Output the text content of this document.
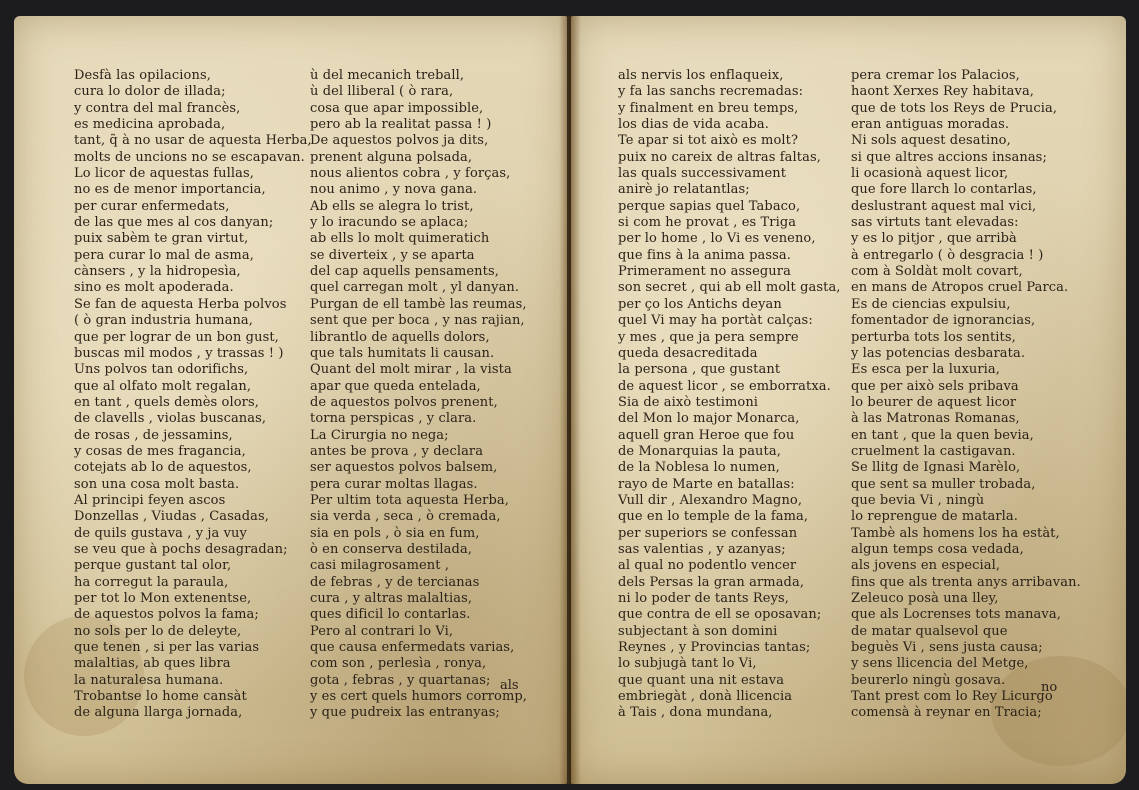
Desfà las opilacions,
cura lo dolor de illada;
y contra del mal francès,
es medicina aprobada,
tant, q̃ à no usar de aquesta Herba,
molts de uncions no se escapavan.
Lo licor de aquestas fullas,
no es de menor importancia,
per curar enfermedats,
de las que mes al cos danyan;
puix sabèm te gran virtut,
pera curar lo mal de asma,
cànsers , y la hidropesìa,
sino es molt apoderada.
Se fan de aquesta Herba polvos
( ò gran industria humana,
que per lograr de un bon gust,
buscas mil modos , y trassas ! )
Uns polvos tan odorifichs,
que al olfato molt regalan,
en tant , quels demès olors,
de clavells , violas buscanas,
de rosas , de jessamins,
y cosas de mes fragancia,
cotejats ab lo de aquestos,
son una cosa molt basta.
Al principi feyen ascos
Donzellas , Viudas , Casadas,
de quils gustava , y ja vuy
se veu que à pochs desagradan;
perque gustant tal olor,
ha corregut la paraula,
per tot lo Mon extenentse,
de aquestos polvos la fama;
no sols per lo de deleyte,
que tenen , si per las varias
malaltias, ab ques libra
la naturalesa humana.
Trobantse lo home cansàt
de alguna llarga jornada,
ù del mecanich treball,
ù del lliberal ( ò rara,
cosa que apar impossible,
pero ab la realitat passa ! )
De aquestos polvos ja dits,
prenent alguna polsada,
nous alientos cobra , y forças,
nou animo , y nova gana.
Ab ells se alegra lo trist,
y lo iracundo se aplaca;
ab ells lo molt quimeratich
se diverteix , y se aparta
del cap aquells pensaments,
quel carregan molt , yl danyan.
Purgan de ell tambè las reumas,
sent que per boca , y nas rajian,
librantlo de aquells dolors,
que tals humitats li causan.
Quant del molt mirar , la vista
apar que queda entelada,
de aquestos polvos prenent,
torna perspicas , y clara.
La Cirurgia no nega;
antes be prova , y declara
ser aquestos polvos balsem,
pera curar moltas llagas.
Per ultim tota aquesta Herba,
sia verda , seca , ò cremada,
sia en pols , ò sia en fum,
ò en conserva destilada,
casi milagrosament ,
de febras , y de tercianas
cura , y altras malaltias,
ques dificil lo contarlas.
Pero al contrari lo Vi,
que causa enfermedats varias,
com son , perlesìa , ronya,
gota , febras , y quartanas;
y es cert quels humors corromp,
y que pudreix las entranyas;
als
als nervis los enflaqueix,
y fa las sanchs recremadas:
y finalment en breu temps,
los dias de vida acaba.
Te apar si tot això es molt?
puix no careix de altras faltas,
las quals successivament
anirè jo relatantlas;
perque sapias quel Tabaco,
si com he provat , es Triga
per lo home , lo Vi es veneno,
que fins à la anima passa.
Primerament no assegura
son secret , qui ab ell molt gasta,
per ço los Antichs deyan
quel Vi may ha portàt calças:
y mes , que ja pera sempre
queda desacreditada
la persona , que gustant
de aquest licor , se emborratxa.
Sia de això testimoni
del Mon lo major Monarca,
aquell gran Heroe que fou
de Monarquias la pauta,
de la Noblesa lo numen,
rayo de Marte en batallas:
Vull dir , Alexandro Magno,
que en lo temple de la fama,
per superiors se confessan
sas valentias , y azanyas;
al qual no podentlo vencer
dels Persas la gran armada,
ni lo poder de tants Reys,
que contra de ell se oposavan;
subjectant à son domini
Reynes , y Provincias tantas;
lo subjugà tant lo Vi,
que quant una nit estava
embriegàt , donà llicencia
à Tais , dona mundana,
pera cremar los Palacios,
haont Xerxes Rey habitava,
que de tots los Reys de Prucia,
eran antiguas moradas.
Ni sols aquest desatino,
si que altres accions insanas;
li ocasionà aquest licor,
que fore llarch lo contarlas,
deslustrant aquest mal vici,
sas virtuts tant elevadas:
y es lo pitjor , que arribà
à entregarlo ( ò desgracia ! )
com à Soldàt molt covart,
en mans de Atropos cruel Parca.
Es de ciencias expulsiu,
fomentador de ignorancias,
perturba tots los sentits,
y las potencias desbarata.
Es esca per la luxuria,
que per això sels pribava
lo beurer de aquest licor
à las Matronas Romanas,
en tant , que la quen bevia,
cruelment la castigavan.
Se llitg de Ignasi Marèlo,
que sent sa muller trobada,
que bevia Vi , ningù
lo reprengue de matarla.
Tambè als homens los ha estàt,
algun temps cosa vedada,
als jovens en especial,
fins que als trenta anys arribavan.
Zeleuco posà una lley,
que als Locrenses tots manava,
de matar qualsevol que
beguès Vi , sens justa causa;
y sens llicencia del Metge,
beurerlo ningù gosava.
Tant prest com lo Rey Licurgo
comensà à reynar en Tracia;
no
